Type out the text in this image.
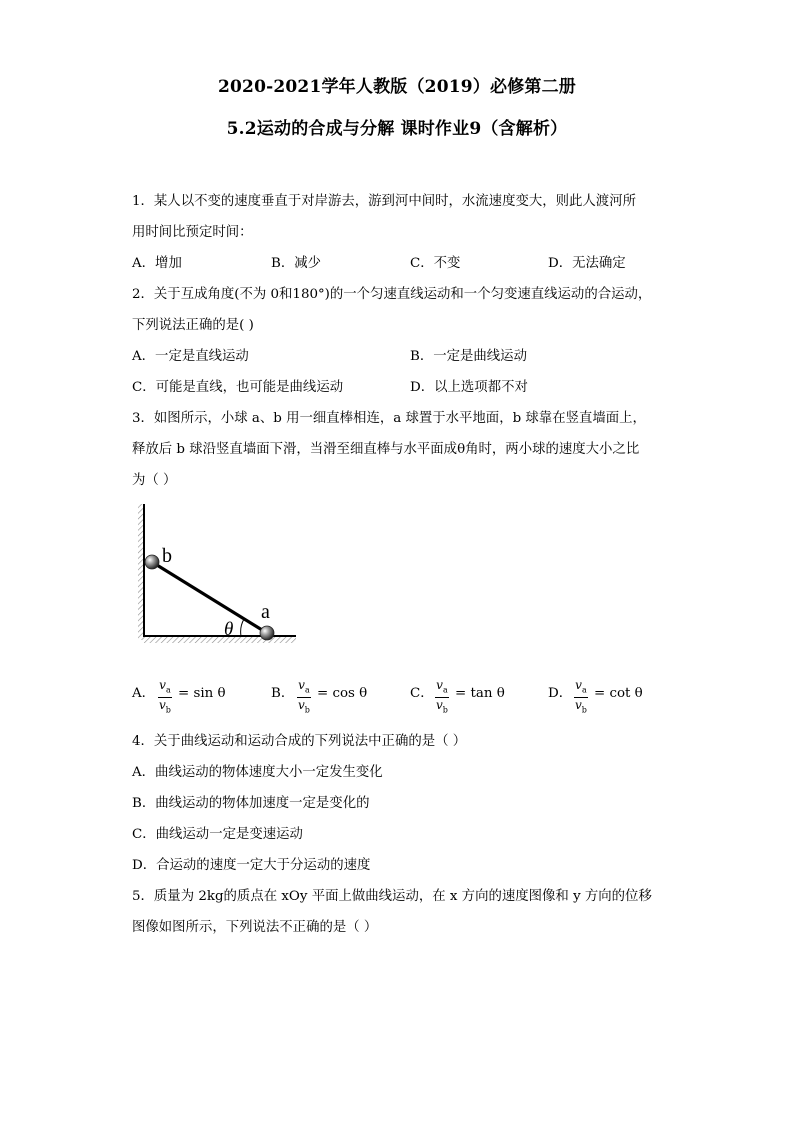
2020-2021学年人教版（2019）必修第二册
5.2运动的合成与分解 课时作业9（含解析）
1．某人以不变的速度垂直于对岸游去，游到河中间时，水流速度变大，则此人渡河所
用时间比预定时间：
A．增加	B．减少	C．不变	D．无法确定
2．关于互成角度(不为 0和180°)的一个匀速直线运动和一个匀变速直线运动的合运动，
下列说法正确的是( )
A．一定是直线运动	B．一定是曲线运动
C．可能是直线，也可能是曲线运动	D．以上选项都不对
3．如图所示，小球 a、b 用一细直棒相连，a 球置于水平地面，b 球靠在竖直墙面上，
释放后 b 球沿竖直墙面下滑，当滑至细直棒与水平面成θ角时，两小球的速度大小之比
为（ ）
b
a
θ
A． $\frac{v_a}{v_b} = \sin \theta$	B． $\frac{v_a}{v_b} = \cos \theta$	C． $\frac{v_a}{v_b} = \tan \theta$	D． $\frac{v_a}{v_b} = \cot \theta$
4．关于曲线运动和运动合成的下列说法中正确的是（ ）
A．曲线运动的物体速度大小一定发生变化
B．曲线运动的物体加速度一定是变化的
C．曲线运动一定是变速运动
D．合运动的速度一定大于分运动的速度
5．质量为 2kg的质点在 xOy 平面上做曲线运动，在 x 方向的速度图像和 y 方向的位移
图像如图所示，下列说法不正确的是（ ）
